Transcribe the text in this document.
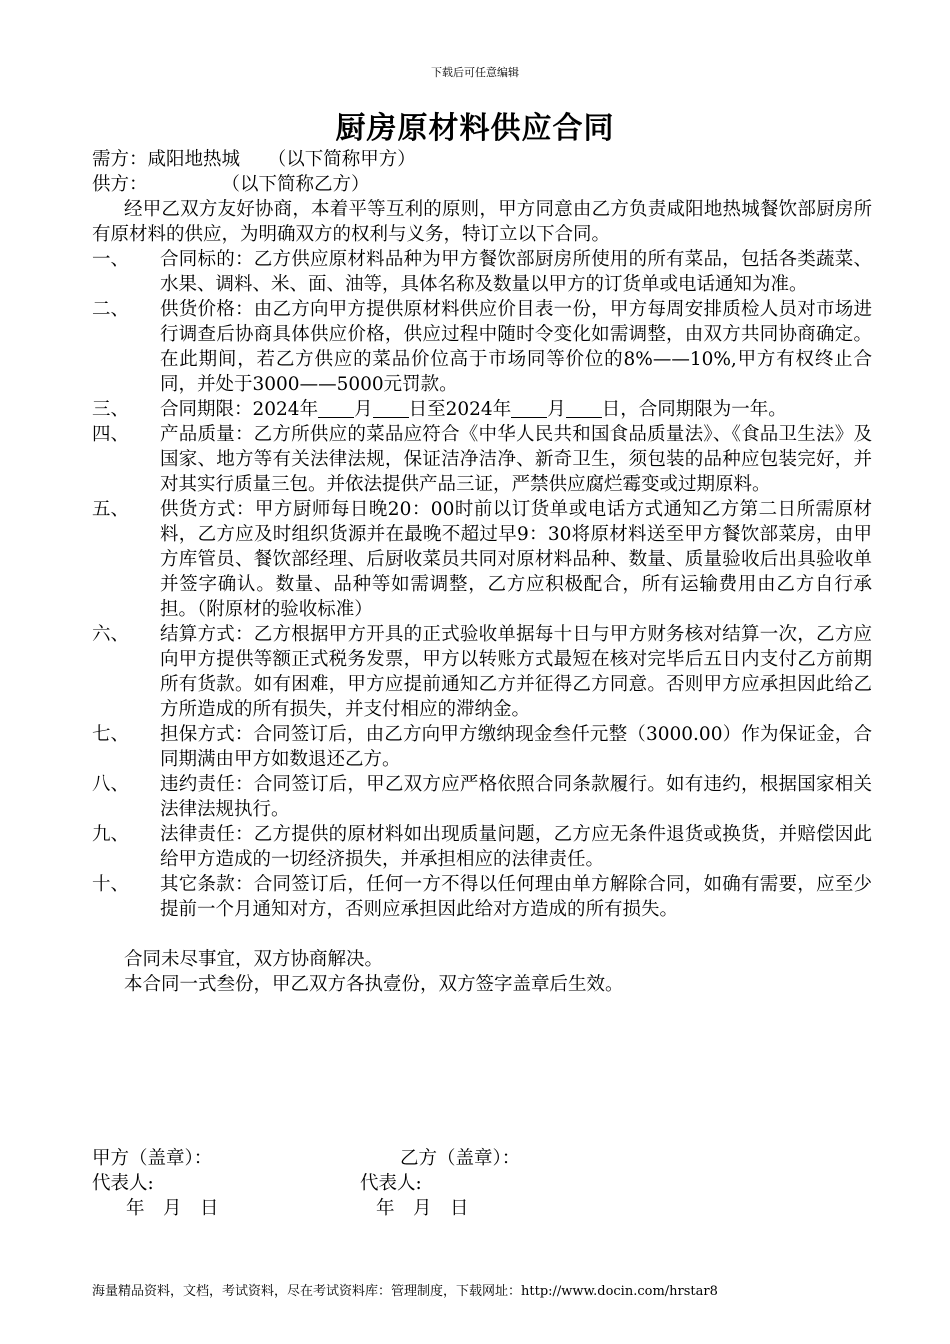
下载后可任意编辑
厨房原材料供应合同
需方：咸阳地热城　　（以下简称甲方）
供方：　　　　　（以下简称乙方）
经甲乙双方友好协商，本着平等互利的原则，甲方同意由乙方负责咸阳地热城餐饮部厨房所有原材料的供应，为明确双方的权利与义务，特订立以下合同。
一、	合同标的：乙方供应原材料品种为甲方餐饮部厨房所使用的所有菜品，包括各类蔬菜、水果、调料、米、面、油等，具体名称及数量以甲方的订货单或电话通知为准。
二、	供货价格：由乙方向甲方提供原材料供应价目表一份，甲方每周安排质检人员对市场进行调查后协商具体供应价格，供应过程中随时令变化如需调整，由双方共同协商确定。在此期间，若乙方供应的菜品价位高于市场同等价位的8%——10%,甲方有权终止合同，并处于3000——5000元罚款。
三、	合同期限：2024年 月 日至2024年 月 日，合同期限为一年。
四、	产品质量：乙方所供应的菜品应符合《中华人民共和国食品质量法》、《食品卫生法》及国家、地方等有关法律法规，保证洁净洁净、新奇卫生，须包装的品种应包装完好，并对其实行质量三包。并依法提供产品三证，严禁供应腐烂霉变或过期原料。
五、	供货方式：甲方厨师每日晚20：00时前以订货单或电话方式通知乙方第二日所需原材料，乙方应及时组织货源并在最晚不超过早9：30将原材料送至甲方餐饮部菜房，由甲方库管员、餐饮部经理、后厨收菜员共同对原材料品种、数量、质量验收后出具验收单并签字确认。数量、品种等如需调整，乙方应积极配合，所有运输费用由乙方自行承担。（附原材的验收标准）
六、	结算方式：乙方根据甲方开具的正式验收单据每十日与甲方财务核对结算一次，乙方应向甲方提供等额正式税务发票，甲方以转账方式最短在核对完毕后五日内支付乙方前期所有货款。如有困难，甲方应提前通知乙方并征得乙方同意。否则甲方应承担因此给乙方所造成的所有损失，并支付相应的滞纳金。
七、	担保方式：合同签订后，由乙方向甲方缴纳现金叁仟元整（3000.00）作为保证金，合同期满由甲方如数退还乙方。
八、	违约责任：合同签订后，甲乙双方应严格依照合同条款履行。如有违约，根据国家相关法律法规执行。
九、	法律责任：乙方提供的原材料如出现质量问题，乙方应无条件退货或换货，并赔偿因此给甲方造成的一切经济损失，并承担相应的法律责任。
十、	其它条款：合同签订后，任何一方不得以任何理由单方解除合同，如确有需要，应至少提前一个月通知对方，否则应承担因此给对方造成的所有损失。
合同未尽事宜，双方协商解决。
本合同一式叁份，甲乙双方各执壹份，双方签字盖章后生效。
甲方（盖章）：	乙方（盖章）：
代表人:	代表人:
年　月　日	年　月　日
海量精品资料，文档，考试资料，尽在考试资料库：管理制度，下载网址：http://www.docin.com/hrstar8
